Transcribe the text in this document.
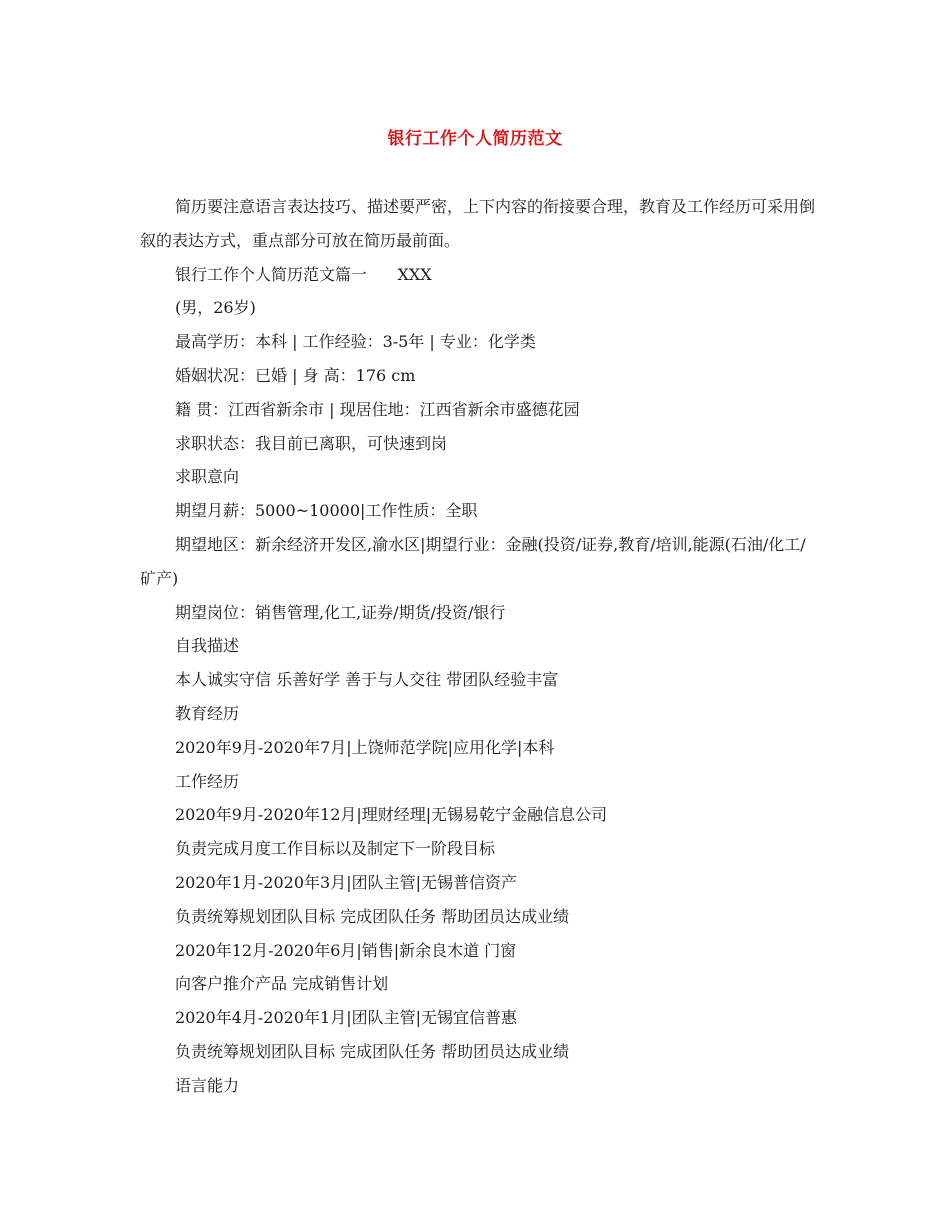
银行工作个人简历范文

简历要注意语言表达技巧、描述要严密，上下内容的衔接要合理，教育及工作经历可采用倒叙的表达方式，重点部分可放在简历最前面。

银行工作个人简历范文篇一      XXX

(男，26岁)

最高学历：本科 | 工作经验：3-5年 | 专业：化学类

婚姻状况：已婚 | 身 高：176 cm

籍 贯：江西省新余市 | 现居住地：江西省新余市盛德花园

求职状态：我目前已离职，可快速到岗

求职意向

期望月薪：5000~10000|工作性质：全职

期望地区：新余经济开发区,渝水区|期望行业：金融(投资/证券,教育/培训,能源(石油/化工/矿产)

期望岗位：销售管理,化工,证券/期货/投资/银行

自我描述

本人诚实守信 乐善好学 善于与人交往 带团队经验丰富

教育经历

2020年9月-2020年7月|上饶师范学院|应用化学|本科

工作经历

2020年9月-2020年12月|理财经理|无锡易乾宁金融信息公司

负责完成月度工作目标以及制定下一阶段目标

2020年1月-2020年3月|团队主管|无锡普信资产

负责统筹规划团队目标 完成团队任务 帮助团员达成业绩

2020年12月-2020年6月|销售|新余良木道 门窗

向客户推介产品 完成销售计划

2020年4月-2020年1月|团队主管|无锡宜信普惠

负责统筹规划团队目标 完成团队任务 帮助团员达成业绩

语言能力
